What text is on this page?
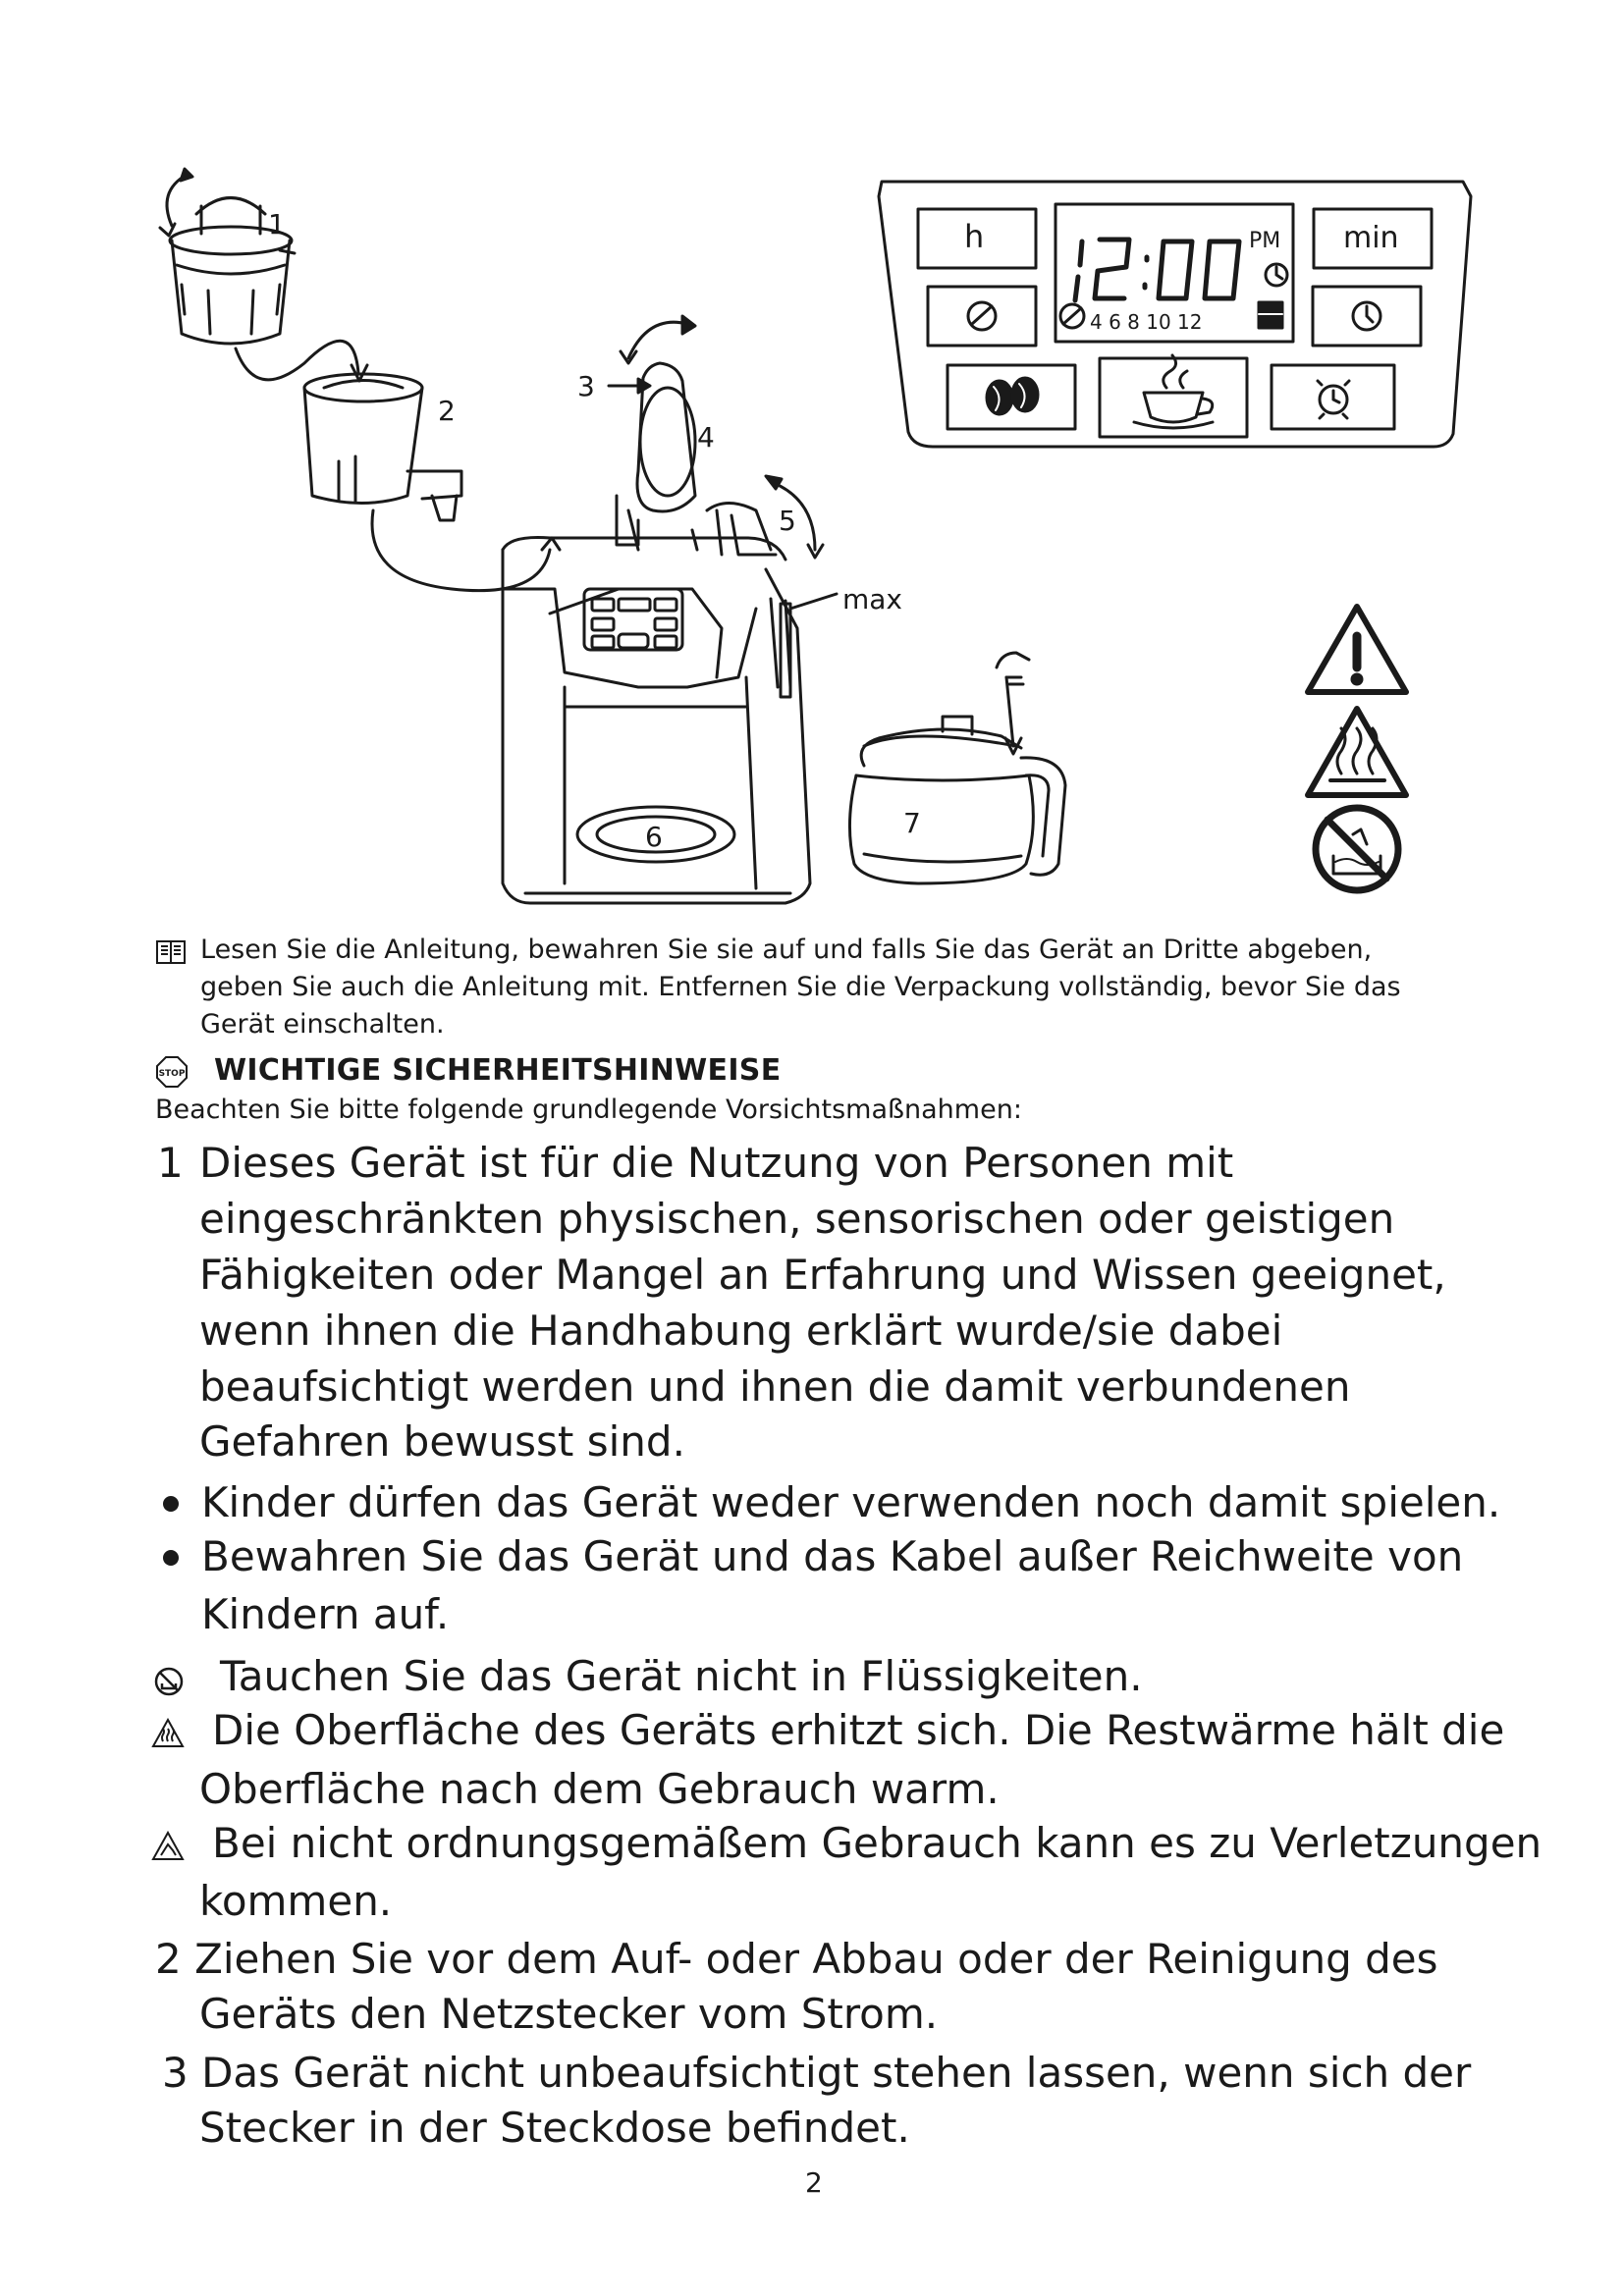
1
2
3
4
5
6	7
max
h	min
PM
4 6 8 10 12
Lesen Sie die Anleitung, bewahren Sie sie auf und falls Sie das Gerät an Dritte abgeben,
geben Sie auch die Anleitung mit. Entfernen Sie die Verpackung vollständig, bevor Sie das
Gerät einschalten.
STOP WICHTIGE SICHERHEITSHINWEISE
Beachten Sie bitte folgende grundlegende Vorsichtsmaßnahmen:
1 Dieses Gerät ist für die Nutzung von Personen mit
eingeschränkten physischen, sensorischen oder geistigen
Fähigkeiten oder Mangel an Erfahrung und Wissen geeignet,
wenn ihnen die Handhabung erklärt wurde/sie dabei
beaufsichtigt werden und ihnen die damit verbundenen
Gefahren bewusst sind.
Kinder dürfen das Gerät weder verwenden noch damit spielen.
Bewahren Sie das Gerät und das Kabel außer Reichweite von
Kindern auf.
Tauchen Sie das Gerät nicht in Flüssigkeiten.
Die Oberfläche des Geräts erhitzt sich. Die Restwärme hält die
Oberfläche nach dem Gebrauch warm.
Bei nicht ordnungsgemäßem Gebrauch kann es zu Verletzungen
kommen.
2 Ziehen Sie vor dem Auf- oder Abbau oder der Reinigung des
Geräts den Netzstecker vom Strom.
3 Das Gerät nicht unbeaufsichtigt stehen lassen, wenn sich der
Stecker in der Steckdose befindet.
2
